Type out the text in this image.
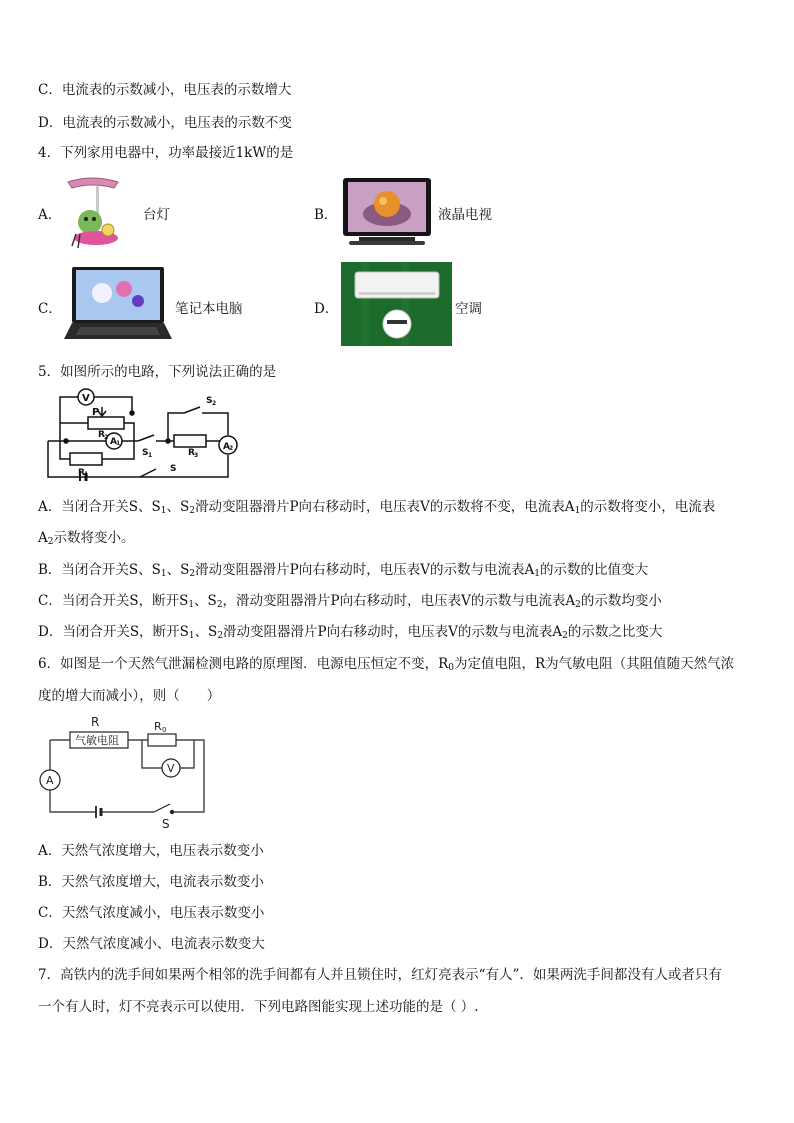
C．电流表的示数减小，电压表的示数增大
D．电流表的示数减小，电压表的示数不变
4．下列家用电器中，功率最接近1kW的是
A．	台灯	B．	液晶电视
C．	笔记本电脑	D．	空调
5．如图所示的电路，下列说法正确的是
V
P
R 2 A 1
R 1
S 1	R 3
A 2
S 2
S
A．当闭合开关S、$S_1$、$S_2$滑动变阻器滑片P向右移动时，电压表V的示数将不变，电流表$A_1$的示数将变小，电流表
$A_2$示数将变小。
B．当闭合开关S、$S_1$、$S_2$滑动变阻器滑片P向右移动时，电压表V的示数与电流表$A_1$的示数的比值变大
C．当闭合开关S，断开$S_1$、$S_2$，滑动变阻器滑片P向右移动时，电压表V的示数与电流表$A_2$的示数均变小
D．当闭合开关S，断开$S_1$、$S_2$滑动变阻器滑片P向右移动时，电压表V的示数与电流表$A_2$的示数之比变大
6．如图是一个天然气泄漏检测电路的原理图．电源电压恒定不变，$R_0$为定值电阻，R为气敏电阻（其阻值随天然气浓
度的增大而减小），则（　　）
R
气敏电阻
R 0
V
A
S
A．天然气浓度增大，电压表示数变小
B．天然气浓度增大，电流表示数变小
C．天然气浓度减小，电压表示数变小
D．天然气浓度减小、电流表示数变大
7．高铁内的洗手间如果两个相邻的洗手间都有人并且锁住时，红灯亮表示“有人”．如果两洗手间都没有人或者只有
一个有人时，灯不亮表示可以使用．下列电路图能实现上述功能的是（ ）.
